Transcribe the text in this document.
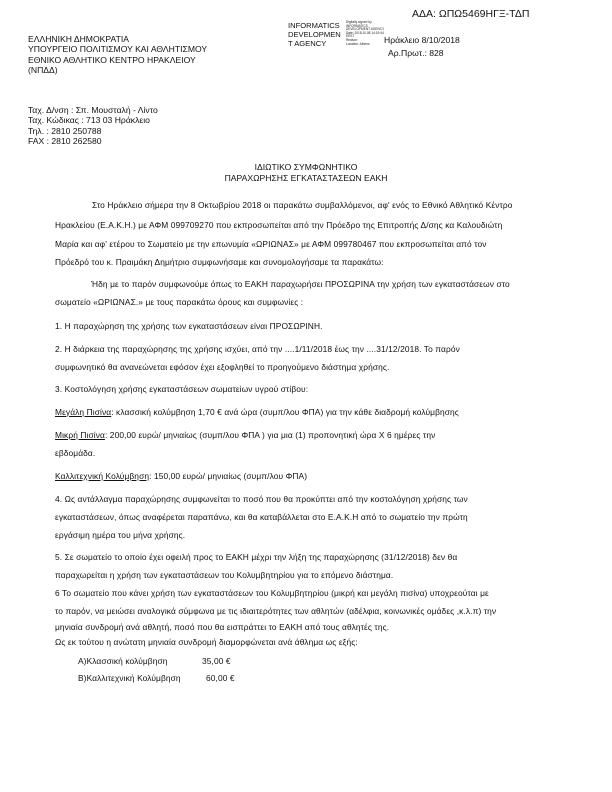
ΑΔΑ: ΩΠΩ5469ΗΓΞ-ΤΔΠ
INFORMATICS
DEVELOPMEN
T AGENCY
Digitally signed by
INFORMATICS
DEVELOPMENT AGENCY
Date: 2018.10.08 14:19:44
EEST
Reason:
Location: Athens
ΕΛΛΗΝΙΚΗ ΔΗΜΟΚΡΑΤΙΑ
ΥΠΟΥΡΓΕΙΟ ΠΟΛΙΤΙΣΜΟΥ ΚΑΙ ΑΘΛΗΤΙΣΜΟΥ
ΕΘΝΙΚΟ ΑΘΛΗΤΙΚΟ ΚΕΝΤΡΟ ΗΡΑΚΛΕΙΟΥ
(ΝΠΔΔ)
Ηράκλειο 8/10/2018
Αρ.Πρωτ.: 828
Ταχ. Δ/νση : Σπ. Μουσταλή - Λίντο
Ταχ. Κώδικας : 713 03 Ηράκλειο
Τηλ. : 2810 250788
FAX : 2810 262580
ΙΔΙΩΤΙΚΟ ΣΥΜΦΩΝΗΤΙΚΟ
ΠΑΡΑΧΩΡΗΣΗΣ ΕΓΚΑΤΑΣΤΑΣΕΩΝ ΕΑΚΗ
Στο Ηράκλειο σήμερα την 8 Οκτωβρίου 2018 οι παρακάτω συμβαλλόμενοι, αφ' ενός το Εθνικό Αθλητικό Κέντρο
Ηρακλείου (Ε.Α.Κ.Η.) με ΑΦΜ 099709270 που εκπροσωπείται από την Πρόεδρο της Επιτροπής Δ/σης κα Καλουδιώτη
Μαρία και αφ' ετέρου το Σωματείο με την επωνυμία «ΩΡΙΩΝΑΣ» με ΑΦΜ 099780467 που εκπροσωπείται από τον
Πρόεδρό του κ. Πραιμάκη Δημήτριο συμφωνήσαμε και συνομολογήσαμε τα παρακάτω:
Ήδη με το παρόν συμφωνούμε όπως το ΕΑΚΗ παραχωρήσει ΠΡΟΣΩΡΙΝΑ την χρήση των εγκαταστάσεων στο
σωματείο «ΩΡΙΩΝΑΣ.» με τους παρακάτω όρους και συμφωνίες :
1. Η παραχώρηση της χρήσης των εγκαταστάσεων είναι ΠΡΟΣΩΡΙΝΗ.
2. Η διάρκεια της παραχώρησης της χρήσης ισχύει, από την ....1/11/2018 έως την ....31/12/2018. Το παρόν
συμφωνητικό θα ανανεώνεται εφόσον έχει εξοφληθεί το προηγούμενο διάστημα χρήσης.
3. Κοστολόγηση χρήσης εγκαταστάσεων σωματείων υγρού στίβου:
Μεγάλη Πισίνα: κλασσική κολύμβηση 1,70 € ανά ώρα (συμπ/λου ΦΠΑ) για την κάθε διαδρομή κολύμβησης
Μικρή Πισίνα: 200,00 ευρώ/ μηνιαίως (συμπ/λου ΦΠΑ ) για μια (1) προπονητική ώρα Χ 6 ημέρες την
εβδομάδα.
Καλλιτεχνική Κολύμβηση: 150,00 ευρώ/ μηνιαίως (συμπ/λου ΦΠΑ)
4. Ως αντάλλαγμα παραχώρησης συμφωνείται το ποσό που θα προκύπτει από την κοστολόγηση χρήσης των
εγκαταστάσεων, όπως αναφέρεται παραπάνω, και θα καταβάλλεται στο Ε.Α.Κ.Η από το σωματείο την πρώτη
εργάσιμη ημέρα του μήνα χρήσης.
5. Σε σωματείο το οποίο έχει οφειλή προς το ΕΑΚΗ μέχρι την λήξη της παραχώρησης (31/12/2018) δεν θα
παραχωρείται η χρήση των εγκαταστάσεων του Κολυμβητηρίου για το επόμενο διάστημα.
6 Το σωματείο που κάνει χρήση των εγκαταστάσεων του Κολυμβητηρίου (μικρή και μεγάλη πισίνα) υποχρεούται με
το παρόν, να μειώσει αναλογικά σύμφωνα με τις ιδιαιτερότητες των αθλητών (αδέλφια, κοινωνικές ομάδες ,κ.λ.π) την
μηνιαία συνδρομή ανά αθλητή, ποσό που θα εισπράττει το ΕΑΚΗ από τους αθλητές της.
Ως εκ τούτου η ανώτατη μηνιαία συνδρομή διαμορφώνεται ανά άθλημα ως εξής:
Α)Κλασσική κολύμβηση	35,00 €
Β)Καλλιτεχνική Κολύμβηση	60,00 €
